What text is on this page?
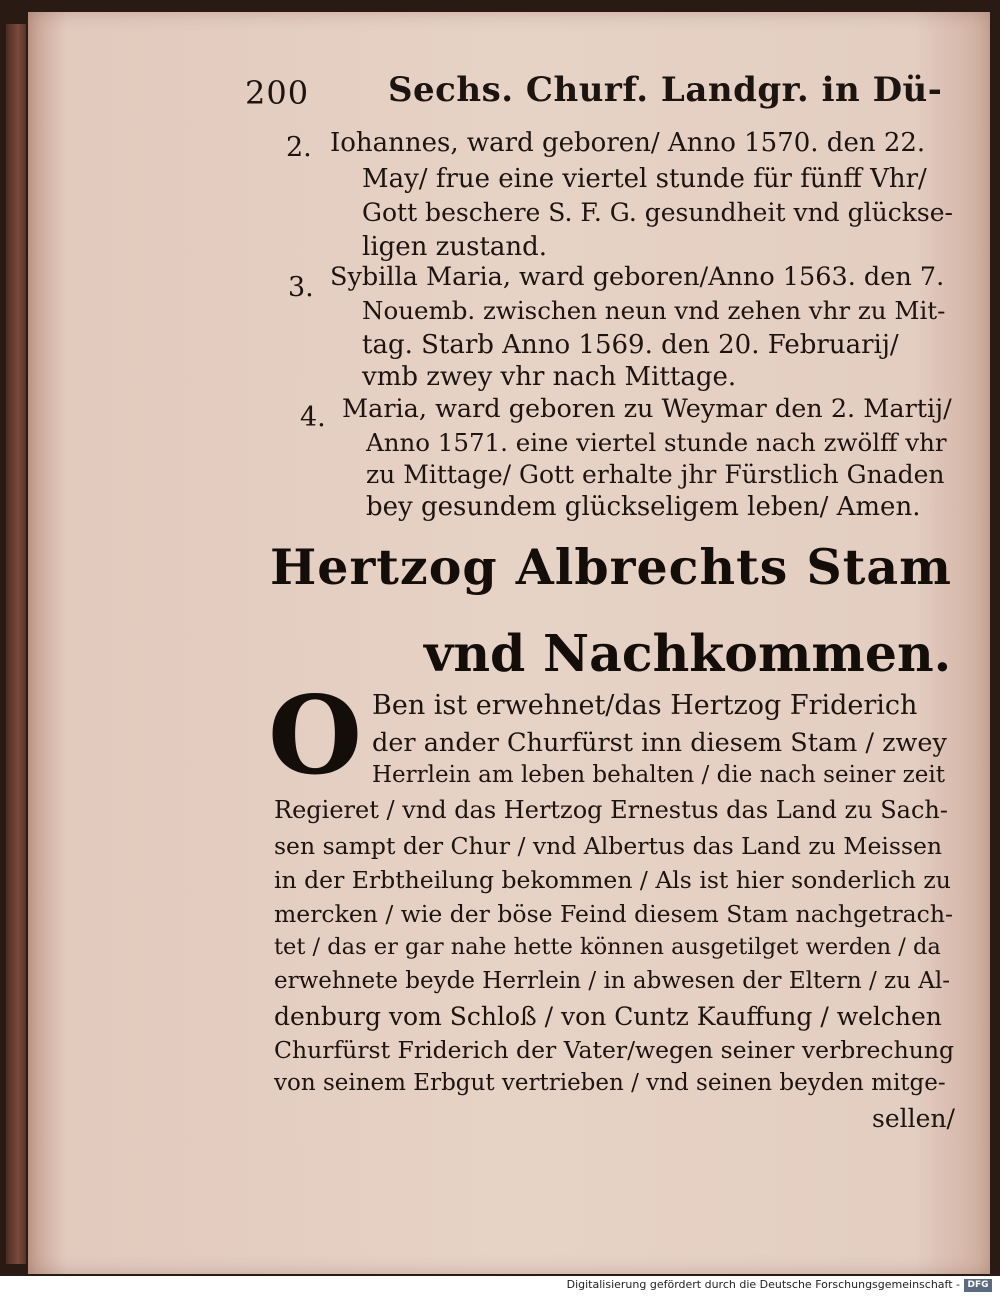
200 Sechs. Churf. Landgr. in Dü-
2. Iohannes, ward geboren/ Anno 1570. den 22.
May/ frue eine viertel stunde für fünff Vhr/
Gott beschere S. F. G. gesundheit vnd glückse-
ligen zustand.
3. Sybilla Maria, ward geboren/Anno 1563. den 7.
Nouemb. zwischen neun vnd zehen vhr zu Mit-
tag. Starb Anno 1569. den 20. Februarij/
vmb zwey vhr nach Mittage.
4. Maria, ward geboren zu Weymar den 2. Martij/
Anno 1571. eine viertel stunde nach zwölff vhr
zu Mittage/ Gott erhalte jhr Fürstlich Gnaden
bey gesundem glückseligem leben/ Amen.
Hertzog Albrechts Stam
vnd Nachkommen.
O Ben ist erwehnet/das Hertzog Friderich
der ander Churfürst inn diesem Stam / zwey
Herrlein am leben behalten / die nach seiner zeit
Regieret / vnd das Hertzog Ernestus das Land zu Sach-
sen sampt der Chur / vnd Albertus das Land zu Meissen
in der Erbtheilung bekommen / Als ist hier sonderlich zu
mercken / wie der böse Feind diesem Stam nachgetrach-
tet / das er gar nahe hette können ausgetilget werden / da
erwehnete beyde Herrlein / in abwesen der Eltern / zu Al-
denburg vom Schloß / von Cuntz Kauffung / welchen
Churfürst Friderich der Vater/wegen seiner verbrechung
von seinem Erbgut vertrieben / vnd seinen beyden mitge-
sellen/
Digitalisierung gefördert durch die Deutsche Forschungsgemeinschaft - DFG
